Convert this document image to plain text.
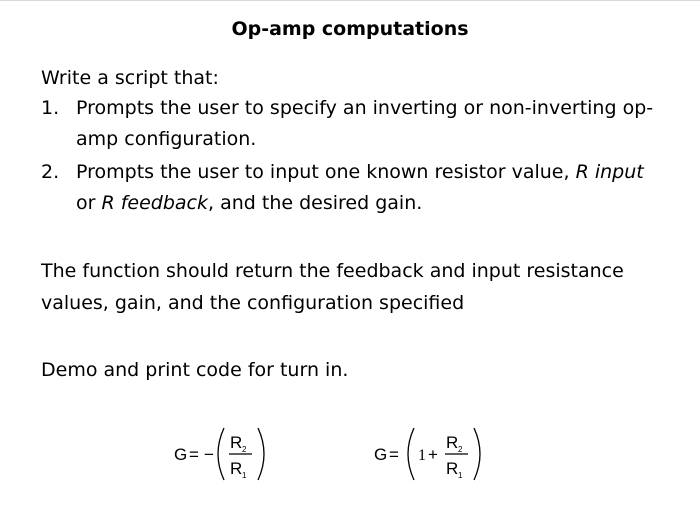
Op-amp computations
Write a script that:
1. Prompts the user to specify an inverting or non-inverting op-amp configuration.
2. Prompts the user to input one known resistor value, R input or R feedback, and the desired gain.
The function should return the feedback and input resistance values, gain, and the configuration specified
Demo and print code for turn in.
G = −
R 2
R 1
G = 1 +
R 2
R 1
